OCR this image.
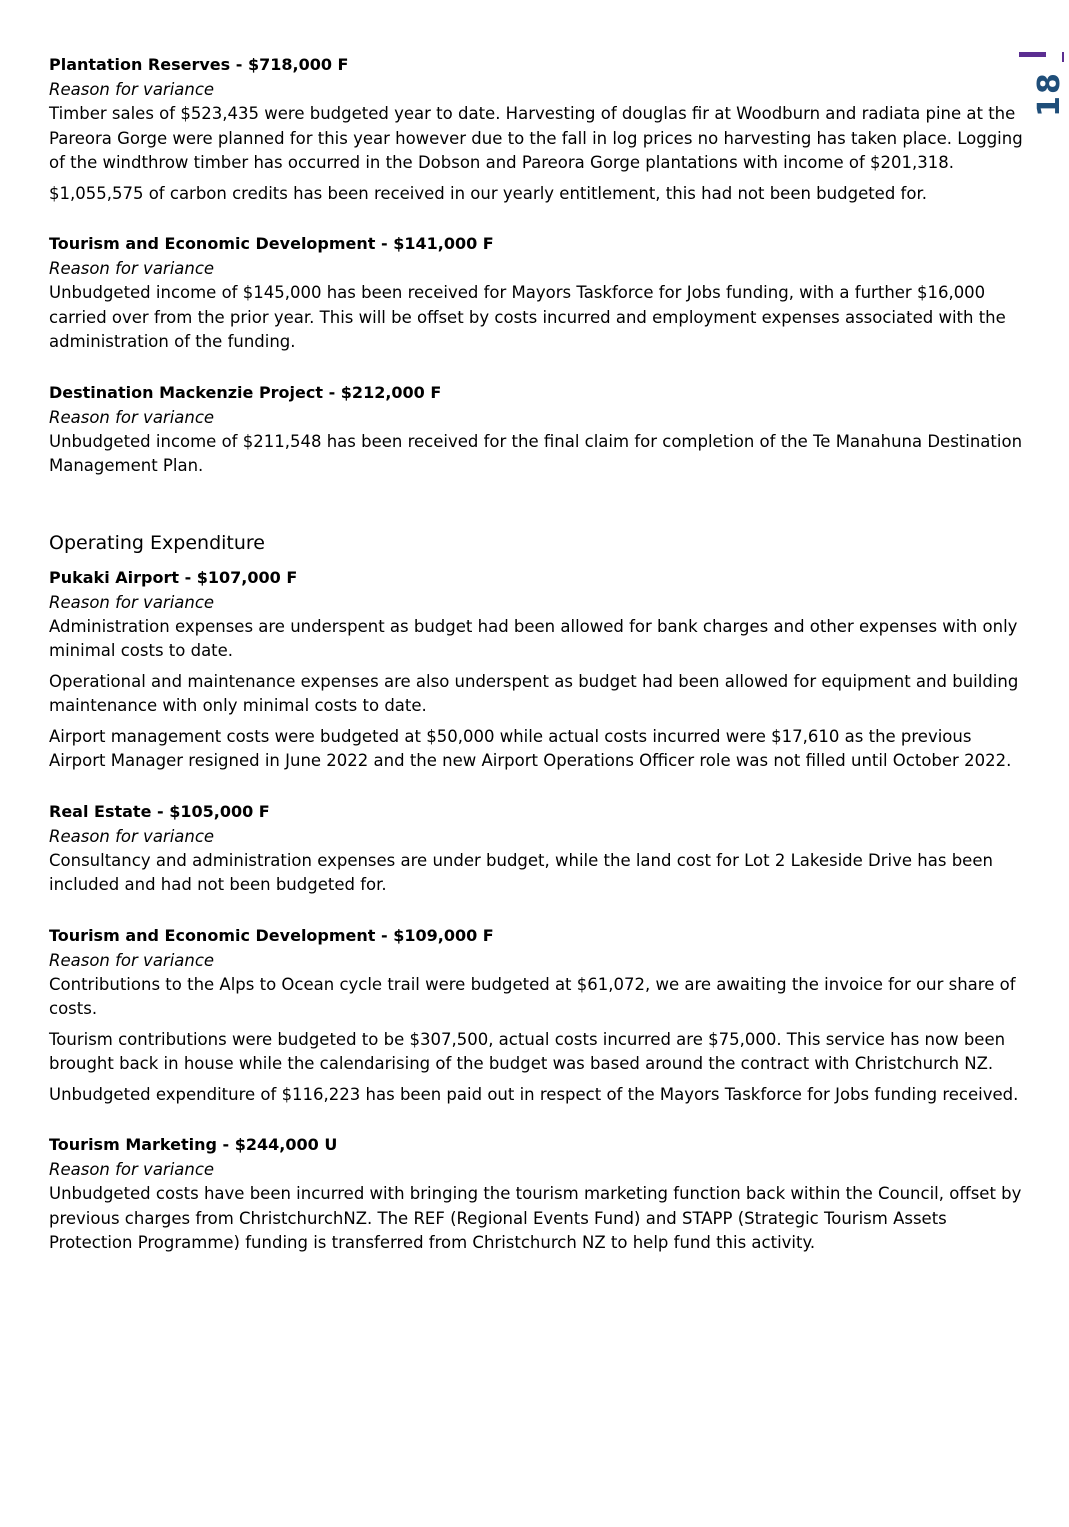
18

Plantation Reserves - $718,000 F

Reason for variance

Timber sales of $523,435 were budgeted year to date. Harvesting of douglas fir at Woodburn and radiata pine at the Pareora Gorge were planned for this year however due to the fall in log prices no harvesting has taken place. Logging of the windthrow timber has occurred in the Dobson and Pareora Gorge plantations with income of $201,318.

$1,055,575 of carbon credits has been received in our yearly entitlement, this had not been budgeted for.

Tourism and Economic Development - $141,000 F

Reason for variance

Unbudgeted income of $145,000 has been received for Mayors Taskforce for Jobs funding, with a further $16,000 carried over from the prior year. This will be offset by costs incurred and employment expenses associated with the administration of the funding.

Destination Mackenzie Project - $212,000 F

Reason for variance

Unbudgeted income of $211,548 has been received for the final claim for completion of the Te Manahuna Destination Management Plan.

Operating Expenditure

Pukaki Airport - $107,000 F

Reason for variance

Administration expenses are underspent as budget had been allowed for bank charges and other expenses with only minimal costs to date.

Operational and maintenance expenses are also underspent as budget had been allowed for equipment and building maintenance with only minimal costs to date.

Airport management costs were budgeted at $50,000 while actual costs incurred were $17,610 as the previous Airport Manager resigned in June 2022 and the new Airport Operations Officer role was not filled until October 2022.

Real Estate - $105,000 F

Reason for variance

Consultancy and administration expenses are under budget, while the land cost for Lot 2 Lakeside Drive has been included and had not been budgeted for.

Tourism and Economic Development - $109,000 F

Reason for variance

Contributions to the Alps to Ocean cycle trail were budgeted at $61,072, we are awaiting the invoice for our share of costs.

Tourism contributions were budgeted to be $307,500, actual costs incurred are $75,000. This service has now been brought back in house while the calendarising of the budget was based around the contract with Christchurch NZ.

Unbudgeted expenditure of $116,223 has been paid out in respect of the Mayors Taskforce for Jobs funding received.

Tourism Marketing - $244,000 U

Reason for variance

Unbudgeted costs have been incurred with bringing the tourism marketing function back within the Council, offset by previous charges from ChristchurchNZ. The REF (Regional Events Fund) and STAPP (Strategic Tourism Assets Protection Programme) funding is transferred from Christchurch NZ to help fund this activity.
